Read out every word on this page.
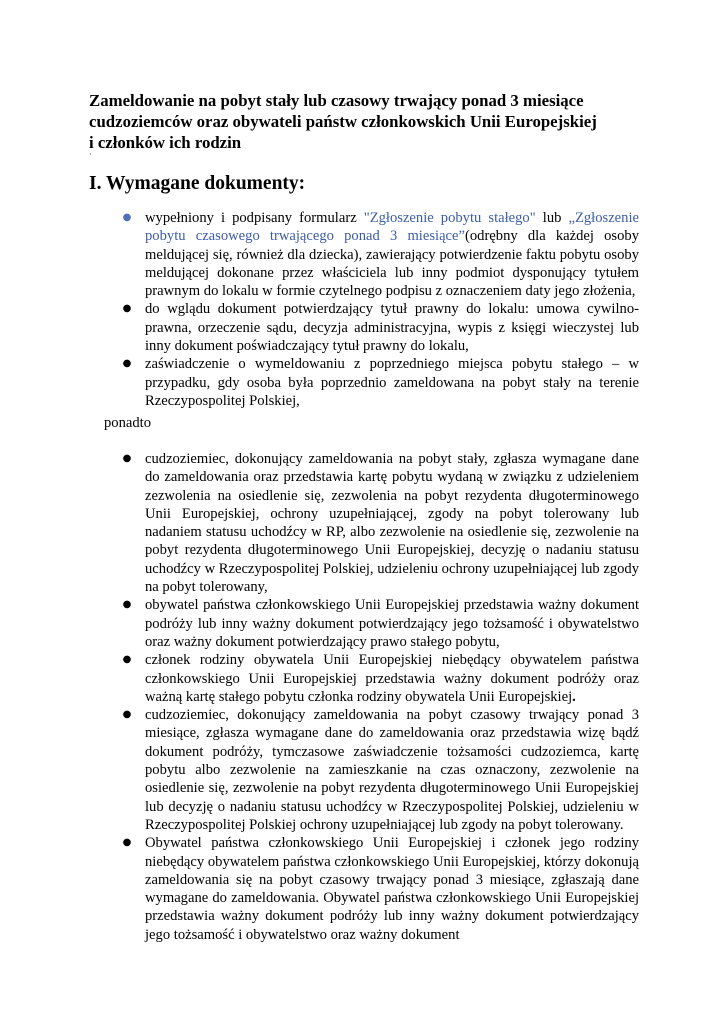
Zameldowanie na pobyt stały lub czasowy trwający ponad 3 miesiące
cudzoziemców oraz obywateli państw członkowskich Unii Europejskiej
i członków ich rodzin
·
I. Wymagane dokumenty:
● wypełniony i podpisany formularz "Zgłoszenie pobytu stałego" lub „Zgłoszenie pobytu czasowego trwającego ponad 3 miesiące”(odrębny dla każdej osoby meldującej się, również dla dziecka), zawierający potwierdzenie faktu pobytu osoby meldującej dokonane przez właściciela lub inny podmiot dysponujący tytułem prawnym do lokalu w formie czytelnego podpisu z oznaczeniem daty jego złożenia,
● do wglądu dokument potwierdzający tytuł prawny do lokalu: umowa cywilno-prawna, orzeczenie sądu, decyzja administracyjna, wypis z księgi wieczystej lub inny dokument poświadczający tytuł prawny do lokalu,
● zaświadczenie o wymeldowaniu z poprzedniego miejsca pobytu stałego – w przypadku, gdy osoba była poprzednio zameldowana na pobyt stały na terenie Rzeczypospolitej Polskiej,
ponadto
● cudzoziemiec, dokonujący zameldowania na pobyt stały, zgłasza wymagane dane do zameldowania oraz przedstawia kartę pobytu wydaną w związku z udzieleniem zezwolenia na osiedlenie się, zezwolenia na pobyt rezydenta długoterminowego Unii Europejskiej, ochrony uzupełniającej, zgody na pobyt tolerowany lub nadaniem statusu uchodźcy w RP, albo zezwolenie na osiedlenie się, zezwolenie na pobyt rezydenta długoterminowego Unii Europejskiej, decyzję o nadaniu statusu uchodźcy w Rzeczypospolitej Polskiej, udzieleniu ochrony uzupełniającej lub zgody na pobyt tolerowany,
● obywatel państwa członkowskiego Unii Europejskiej przedstawia ważny dokument podróży lub inny ważny dokument potwierdzający jego tożsamość i obywatelstwo oraz ważny dokument potwierdzający prawo stałego pobytu,
● członek rodziny obywatela Unii Europejskiej niebędący obywatelem państwa członkowskiego Unii Europejskiej przedstawia ważny dokument podróży oraz ważną kartę stałego pobytu członka rodziny obywatela Unii Europejskiej.
● cudzoziemiec, dokonujący zameldowania na pobyt czasowy trwający ponad 3 miesiące, zgłasza wymagane dane do zameldowania oraz przedstawia wizę bądź dokument podróży, tymczasowe zaświadczenie tożsamości cudzoziemca, kartę pobytu albo zezwolenie na zamieszkanie na czas oznaczony, zezwolenie na osiedlenie się, zezwolenie na pobyt rezydenta długoterminowego Unii Europejskiej lub decyzję o nadaniu statusu uchodźcy w Rzeczypospolitej Polskiej, udzieleniu w Rzeczypospolitej Polskiej ochrony uzupełniającej lub zgody na pobyt tolerowany.
● Obywatel państwa członkowskiego Unii Europejskiej i członek jego rodziny niebędący obywatelem państwa członkowskiego Unii Europejskiej, którzy dokonują zameldowania się na pobyt czasowy trwający ponad 3 miesiące, zgłaszają dane wymagane do zameldowania. Obywatel państwa członkowskiego Unii Europejskiej przedstawia ważny dokument podróży lub inny ważny dokument potwierdzający jego tożsamość i obywatelstwo oraz ważny dokument
